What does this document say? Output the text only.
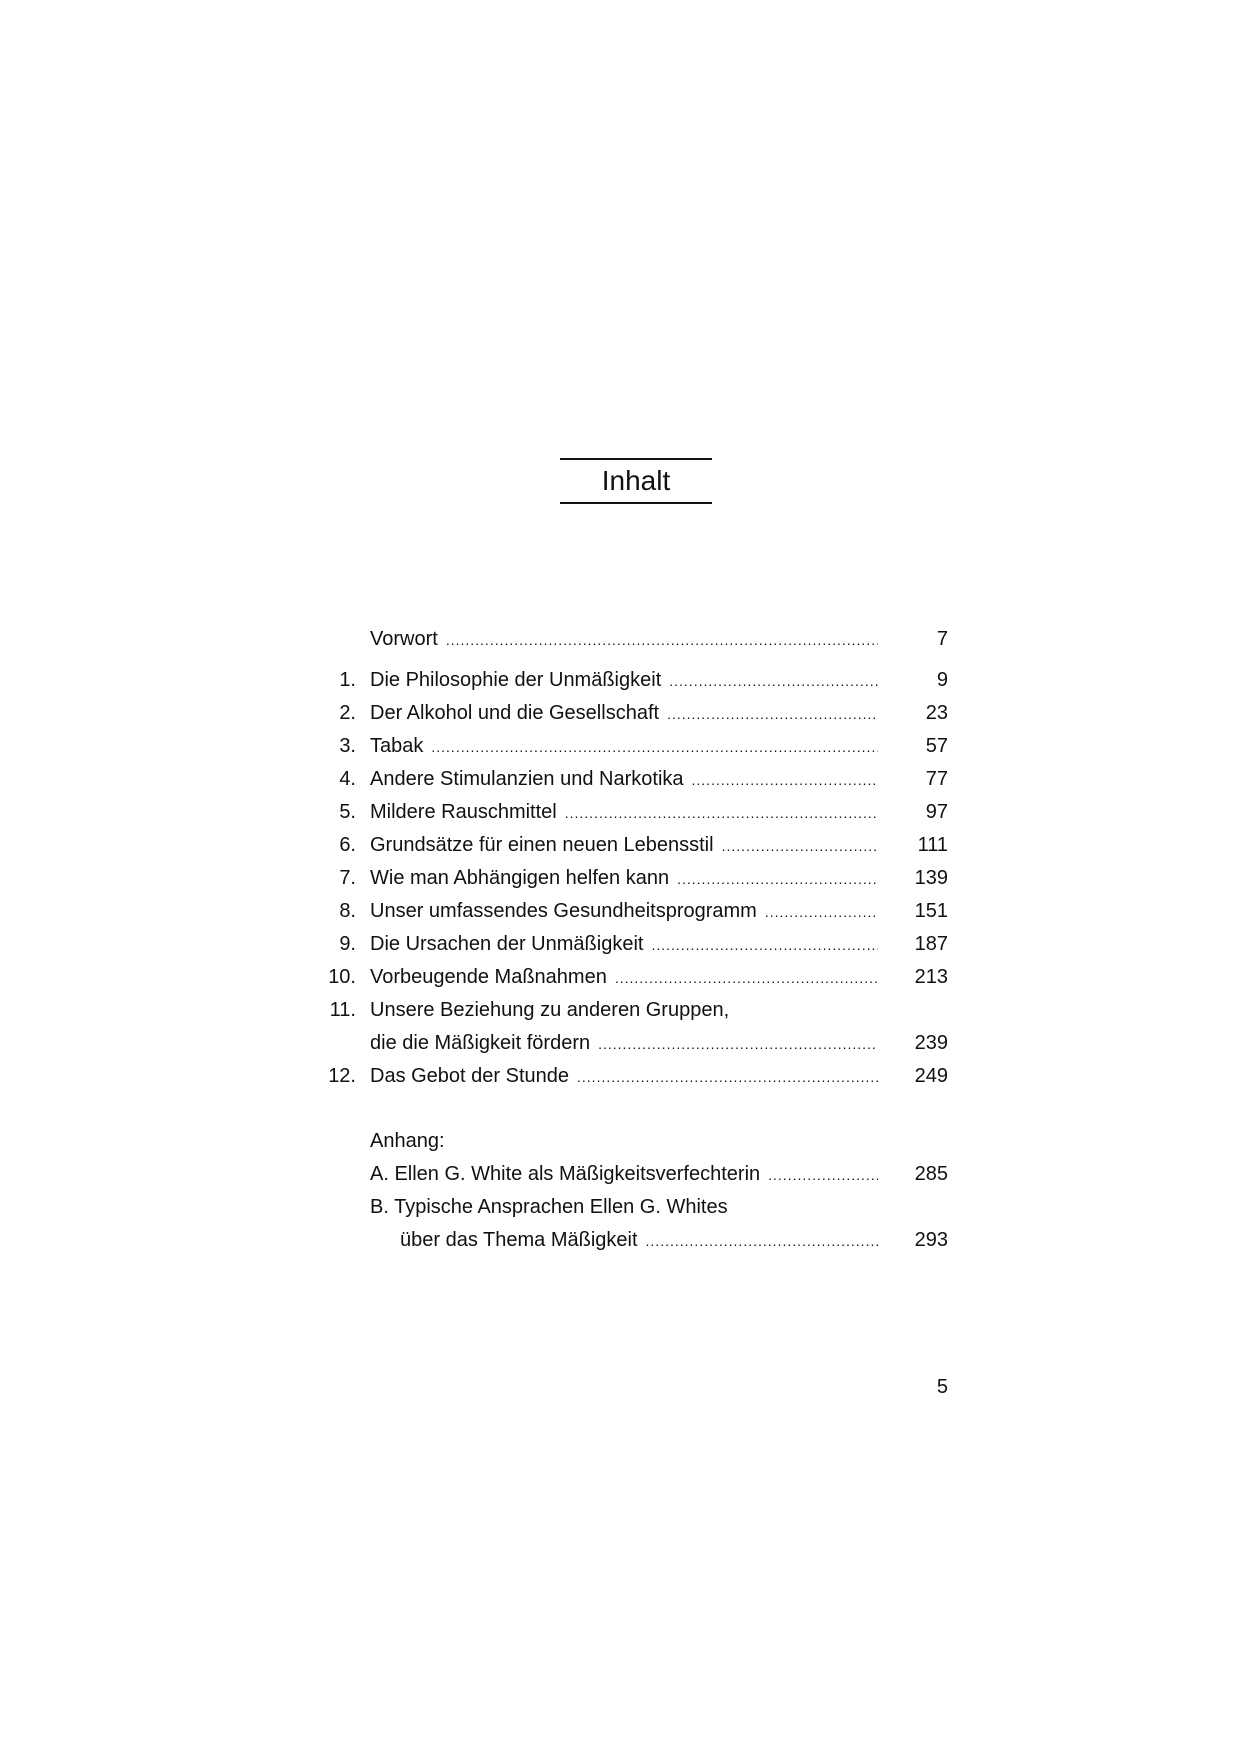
Inhalt
Vorwort .....	7
1. Die Philosophie der Unmäßigkeit .....	9
2. Der Alkohol und die Gesellschaft .....	23
3. Tabak .....	57
4. Andere Stimulanzien und Narkotika .....	77
5. Mildere Rauschmittel .....	97
6. Grundsätze für einen neuen Lebensstil .....	111
7. Wie man Abhängigen helfen kann .....	139
8. Unser umfassendes Gesundheitsprogramm .....	151
9. Die Ursachen der Unmäßigkeit .....	187
10. Vorbeugende Maßnahmen .....	213
11. Unsere Beziehung zu anderen Gruppen,
die die Mäßigkeit fördern .....	239
12. Das Gebot der Stunde .....	249
Anhang:
A. Ellen G. White als Mäßigkeitsverfechterin .....	285
B. Typische Ansprachen Ellen G. Whites
über das Thema Mäßigkeit .....	293
5
